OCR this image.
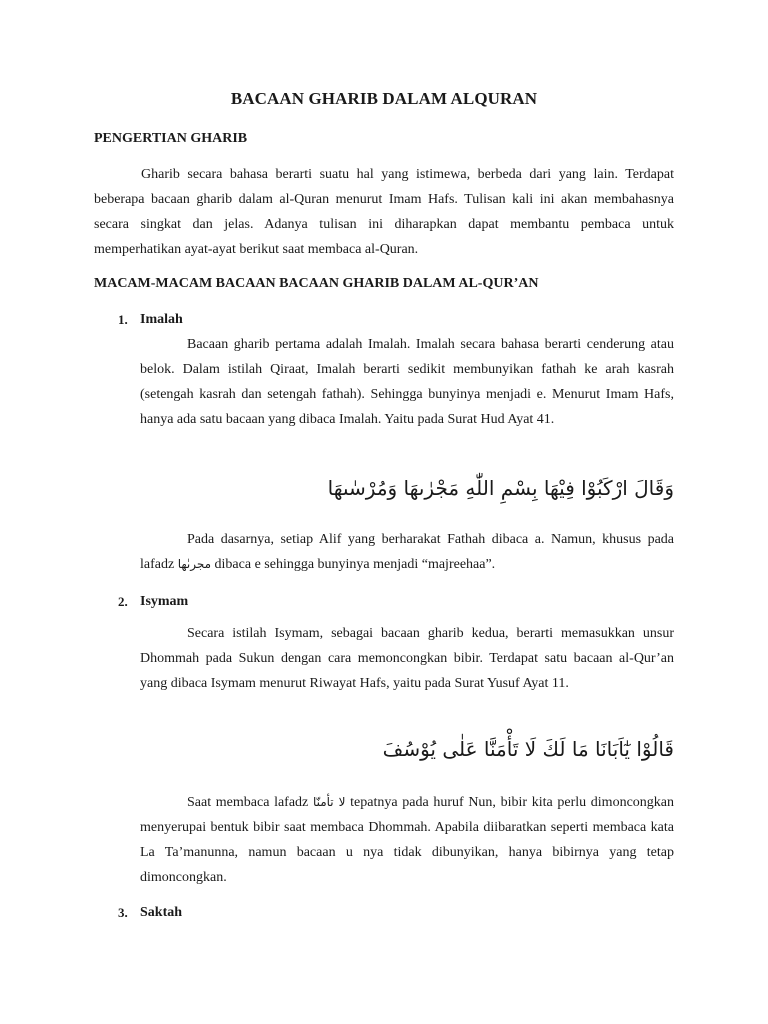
BACAAN GHARIB DALAM ALQURAN
PENGERTIAN GHARIB

Gharib secara bahasa berarti suatu hal yang istimewa, berbeda dari yang lain. Terdapat beberapa bacaan gharib dalam al-Quran menurut Imam Hafs. Tulisan kali ini akan membahasnya secara singkat dan jelas. Adanya tulisan ini diharapkan dapat membantu pembaca untuk memperhatikan ayat-ayat berikut saat membaca al-Quran.

MACAM-MACAM BACAAN BACAAN GHARIB DALAM AL-QUR’AN
1. Imalah

Bacaan gharib pertama adalah Imalah. Imalah secara bahasa berarti cenderung atau belok. Dalam istilah Qiraat, Imalah berarti sedikit membunyikan fathah ke arah kasrah (setengah kasrah dan setengah fathah). Sehingga bunyinya menjadi e. Menurut Imam Hafs, hanya ada satu bacaan yang dibaca Imalah. Yaitu pada Surat Hud Ayat 41.

وَقَالَ ارْكَبُوْا فِيْهَا بِسْمِ اللّٰهِ مَجْرٰىهَا وَمُرْسٰىهَا

Pada dasarnya, setiap Alif yang berharakat Fathah dibaca a. Namun, khusus pada lafadz مجرىٰها dibaca e sehingga bunyinya menjadi “majreehaa”.

2. Isymam

Secara istilah Isymam, sebagai bacaan gharib kedua, berarti memasukkan unsur Dhommah pada Sukun dengan cara memoncongkan bibir. Terdapat satu bacaan al-Qur’an yang dibaca Isymam menurut Riwayat Hafs, yaitu pada Surat Yusuf Ayat 11.

قَالُوْا يٰٓاَبَانَا مَا لَكَ لَا تَأْمَنَّا عَلٰى يُوْسُفَ

Saat membaca lafadz لا تأمنّا tepatnya pada huruf Nun, bibir kita perlu dimoncongkan menyerupai bentuk bibir saat membaca Dhommah. Apabila diibaratkan seperti membaca kata La Ta’manunna, namun bacaan u nya tidak dibunyikan, hanya bibirnya yang tetap dimoncongkan.

3. Saktah
